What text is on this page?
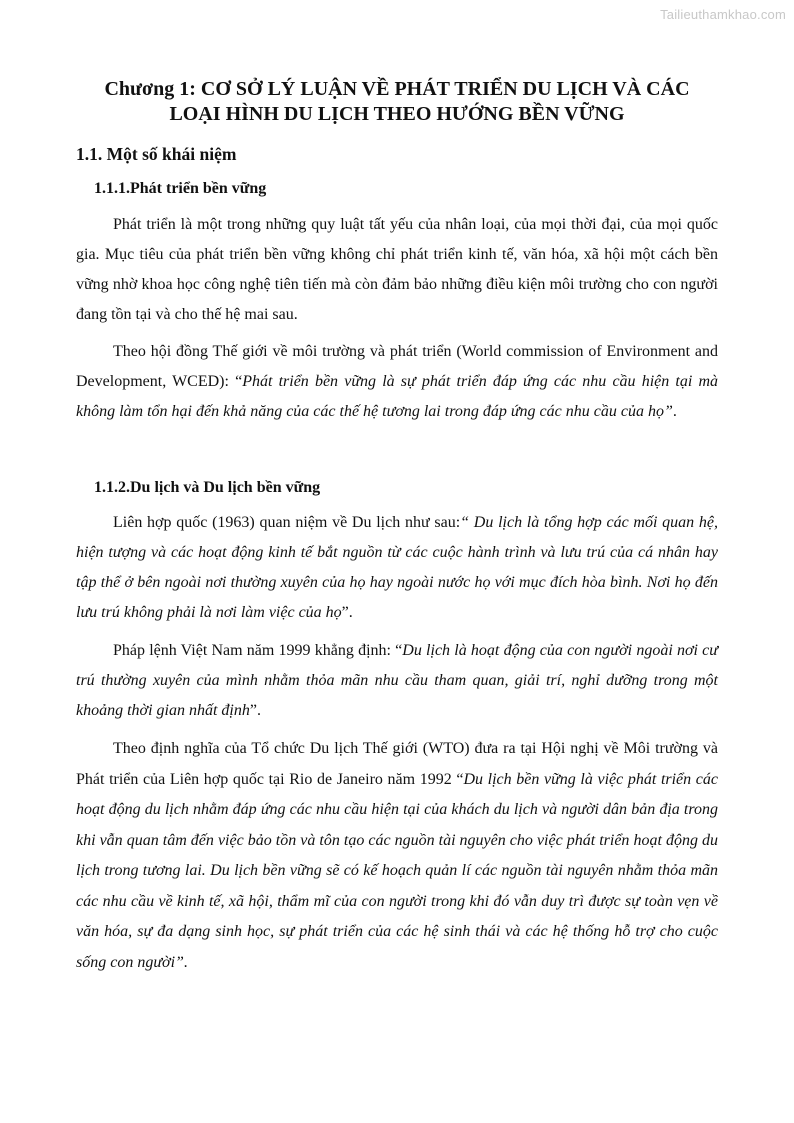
Tailieuthamkhao.com
Chương 1: CƠ SỞ LÝ LUẬN VỀ PHÁT TRIỂN DU LỊCH VÀ CÁC
LOẠI HÌNH DU LỊCH THEO HƯỚNG BỀN VỮNG
1.1. Một số khái niệm
1.1.1.Phát triển bền vững

Phát triển là một trong những quy luật tất yếu của nhân loại, của mọi thời đại, của mọi quốc gia. Mục tiêu của phát triển bền vững không chỉ phát triển kinh tế, văn hóa, xã hội một cách bền vững nhờ khoa học công nghệ tiên tiến mà còn đảm bảo những điều kiện môi trường cho con người đang tồn tại và cho thế hệ mai sau.

Theo hội đồng Thế giới về môi trường và phát triển (World commission of Environment and Development, WCED): “Phát triển bền vững là sự phát triển đáp ứng các nhu cầu hiện tại mà không làm tổn hại đến khả năng của các thế hệ tương lai trong đáp ứng các nhu cầu của họ”.

1.1.2.Du lịch và Du lịch bền vững

Liên hợp quốc (1963) quan niệm về Du lịch như sau:“ Du lịch là tổng hợp các mối quan hệ, hiện tượng và các hoạt động kinh tế bắt nguồn từ các cuộc hành trình và lưu trú của cá nhân hay tập thể ở bên ngoài nơi thường xuyên của họ hay ngoài nước họ với mục đích hòa bình. Nơi họ đến lưu trú không phải là nơi làm việc của họ”.

Pháp lệnh Việt Nam năm 1999 khẳng định: “Du lịch là hoạt động của con người ngoài nơi cư trú thường xuyên của mình nhằm thỏa mãn nhu cầu tham quan, giải trí, nghỉ dưỡng trong một khoảng thời gian nhất định”.

Theo định nghĩa của Tổ chức Du lịch Thế giới (WTO) đưa ra tại Hội nghị về Môi trường và Phát triển của Liên hợp quốc tại Rio de Janeiro năm 1992 “Du lịch bền vững là việc phát triển các hoạt động du lịch nhằm đáp ứng các nhu cầu hiện tại của khách du lịch và người dân bản địa trong khi vẫn quan tâm đến việc bảo tồn và tôn tạo các nguồn tài nguyên cho việc phát triển hoạt động du lịch trong tương lai. Du lịch bền vững sẽ có kế hoạch quản lí các nguồn tài nguyên nhằm thỏa mãn các nhu cầu về kinh tế, xã hội, thẩm mĩ của con người trong khi đó vẫn duy trì được sự toàn vẹn về văn hóa, sự đa dạng sinh học, sự phát triển của các hệ sinh thái và các hệ thống hỗ trợ cho cuộc sống con người”.
